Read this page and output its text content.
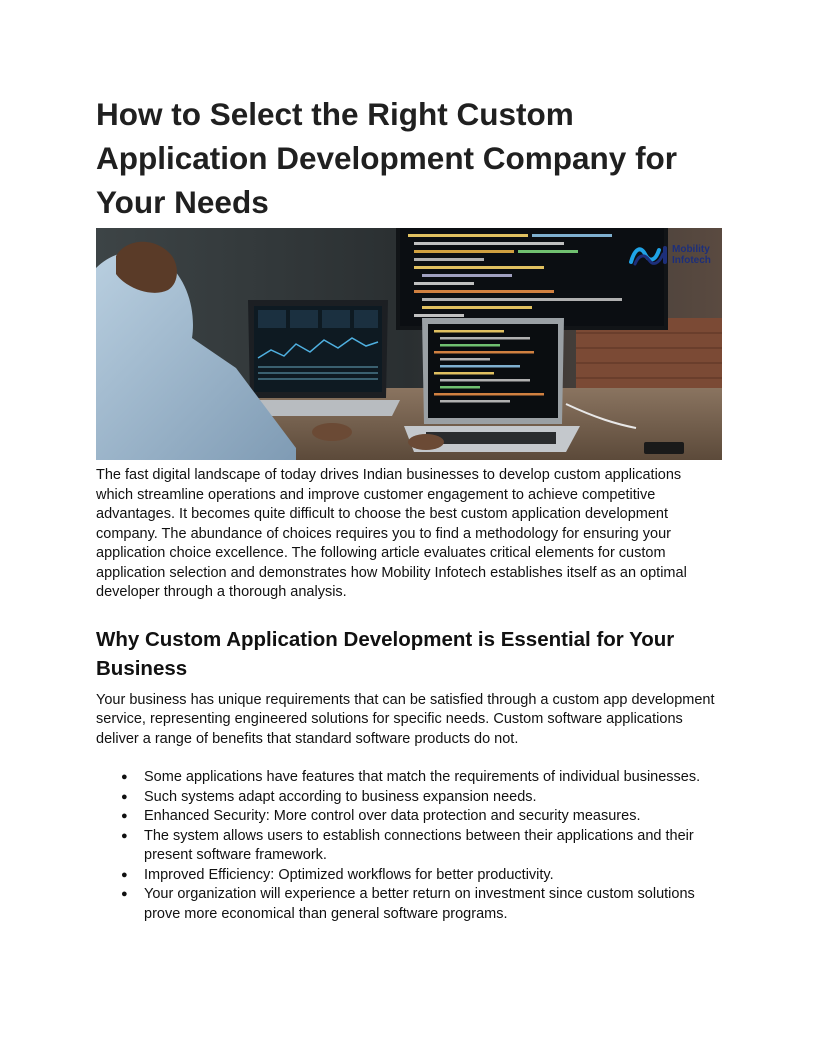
How to Select the Right Custom Application Development Company for Your Needs
Mobility
Infotech

The fast digital landscape of today drives Indian businesses to develop custom applications which streamline operations and improve customer engagement to achieve competitive advantages. It becomes quite difficult to choose the best custom application development company. The abundance of choices requires you to find a methodology for ensuring your application choice excellence. The following article evaluates critical elements for custom application selection and demonstrates how Mobility Infotech establishes itself as an optimal developer through a thorough analysis.

Why Custom Application Development is Essential for Your Business

Your business has unique requirements that can be satisfied through a custom app development service, representing engineered solutions for specific needs. Custom software applications deliver a range of benefits that standard software products do not.

● Some applications have features that match the requirements of individual businesses.
● Such systems adapt according to business expansion needs.
● Enhanced Security: More control over data protection and security measures.
● The system allows users to establish connections between their applications and their present software framework.
● Improved Efficiency: Optimized workflows for better productivity.
● Your organization will experience a better return on investment since custom solutions prove more economical than general software programs.
